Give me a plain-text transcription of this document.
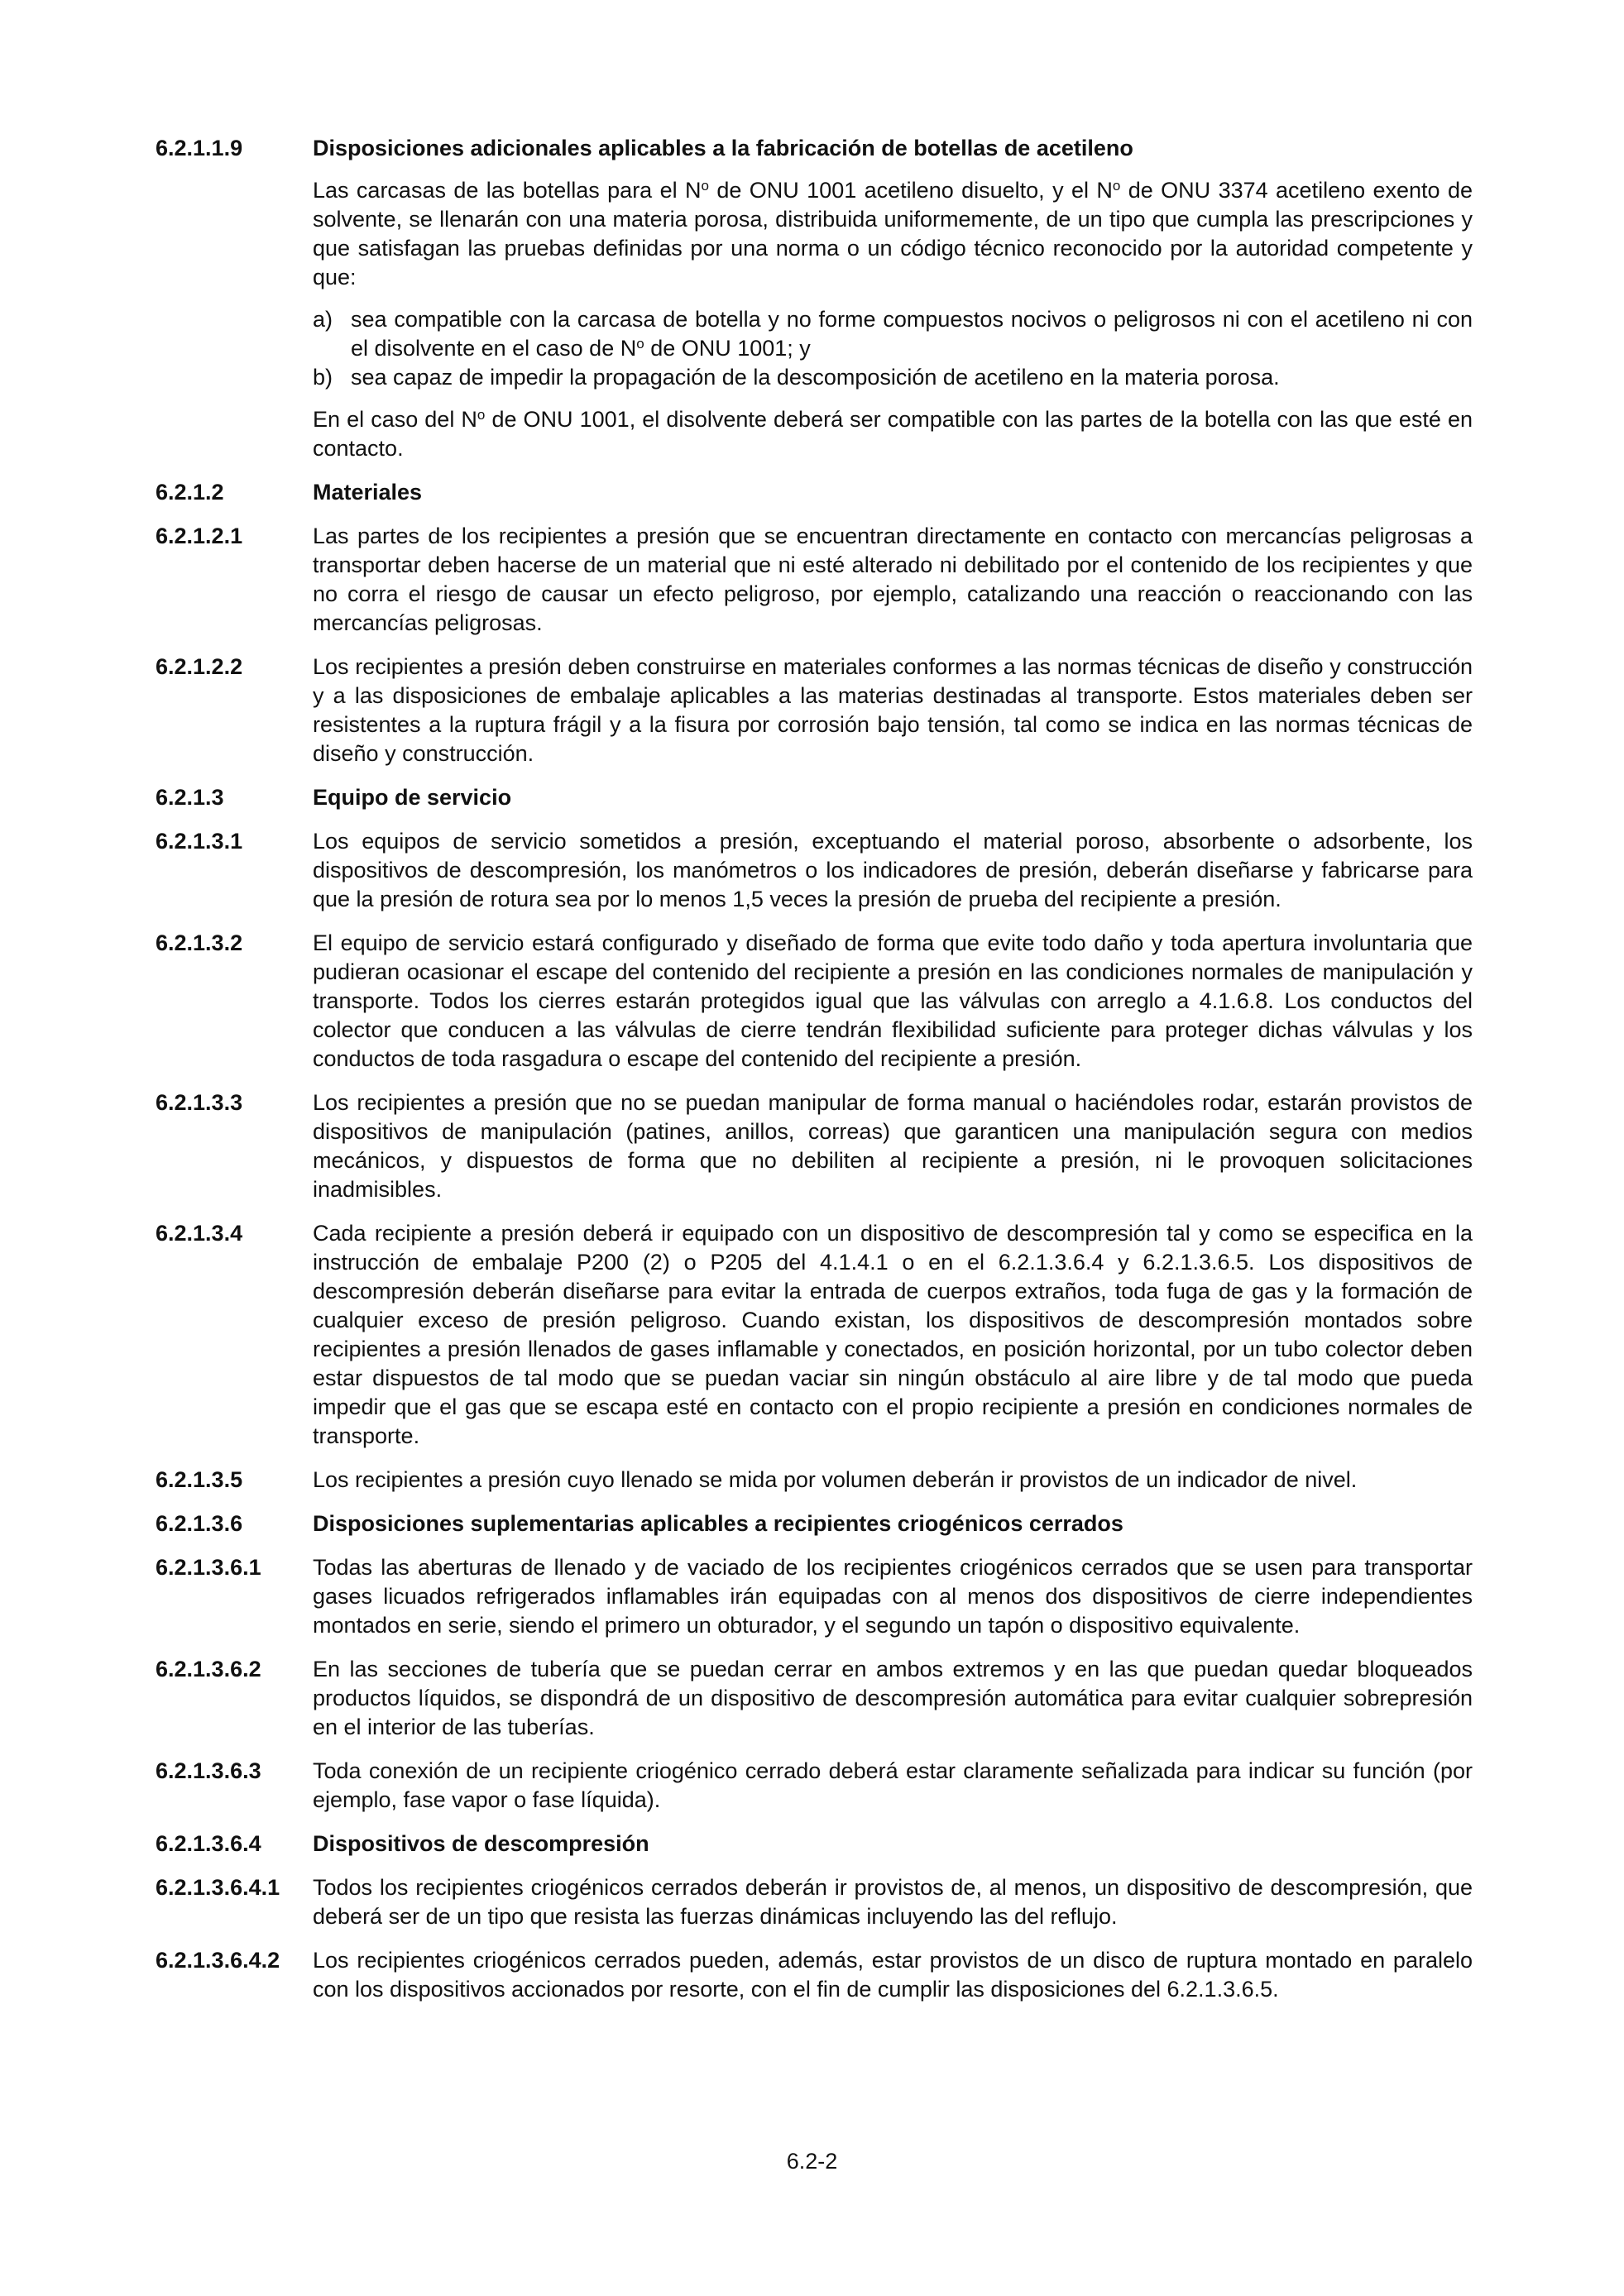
6.2.1.1.9	Disposiciones adicionales aplicables a la fabricación de botellas de acetileno
Las carcasas de las botellas para el $N^o$ de ONU 1001 acetileno disuelto, y el $N^o$ de ONU 3374 acetileno exento de solvente, se llenarán con una materia porosa, distribuida uniformemente, de un tipo que cumpla las prescripciones y que satisfagan las pruebas definidas por una norma o un código técnico reconocido por la autoridad competente y que:
a) sea compatible con la carcasa de botella y no forme compuestos nocivos o peligrosos ni con el acetileno ni con el disolvente en el caso de $N^o$ de ONU 1001; y
b) sea capaz de impedir la propagación de la descomposición de acetileno en la materia porosa.
En el caso del $N^o$ de ONU 1001, el disolvente deberá ser compatible con las partes de la botella con las que esté en contacto.
6.2.1.2	Materiales
6.2.1.2.1	Las partes de los recipientes a presión que se encuentran directamente en contacto con mercancías peligrosas a transportar deben hacerse de un material que ni esté alterado ni debilitado por el contenido de los recipientes y que no corra el riesgo de causar un efecto peligroso, por ejemplo, catalizando una reacción o reaccionando con las mercancías peligrosas.
6.2.1.2.2	Los recipientes a presión deben construirse en materiales conformes a las normas técnicas de diseño y construcción y a las disposiciones de embalaje aplicables a las materias destinadas al transporte. Estos materiales deben ser resistentes a la ruptura frágil y a la fisura por corrosión bajo tensión, tal como se indica en las normas técnicas de diseño y construcción.
6.2.1.3	Equipo de servicio
6.2.1.3.1	Los equipos de servicio sometidos a presión, exceptuando el material poroso, absorbente o adsorbente, los dispositivos de descompresión, los manómetros o los indicadores de presión, deberán diseñarse y fabricarse para que la presión de rotura sea por lo menos 1,5 veces la presión de prueba del recipiente a presión.
6.2.1.3.2	El equipo de servicio estará configurado y diseñado de forma que evite todo daño y toda apertura involuntaria que pudieran ocasionar el escape del contenido del recipiente a presión en las condiciones normales de manipulación y transporte. Todos los cierres estarán protegidos igual que las válvulas con arreglo a 4.1.6.8. Los conductos del colector que conducen a las válvulas de cierre tendrán flexibilidad suficiente para proteger dichas válvulas y los conductos de toda rasgadura o escape del contenido del recipiente a presión.
6.2.1.3.3	Los recipientes a presión que no se puedan manipular de forma manual o haciéndoles rodar, estarán provistos de dispositivos de manipulación (patines, anillos, correas) que garanticen una manipulación segura con medios mecánicos, y dispuestos de forma que no debiliten al recipiente a presión, ni le provoquen solicitaciones inadmisibles.
6.2.1.3.4	Cada recipiente a presión deberá ir equipado con un dispositivo de descompresión tal y como se especifica en la instrucción de embalaje P200 (2) o P205 del 4.1.4.1 o en el 6.2.1.3.6.4 y 6.2.1.3.6.5. Los dispositivos de descompresión deberán diseñarse para evitar la entrada de cuerpos extraños, toda fuga de gas y la formación de cualquier exceso de presión peligroso. Cuando existan, los dispositivos de descompresión montados sobre recipientes a presión llenados de gases inflamable y conectados, en posición horizontal, por un tubo colector deben estar dispuestos de tal modo que se puedan vaciar sin ningún obstáculo al aire libre y de tal modo que pueda impedir que el gas que se escapa esté en contacto con el propio recipiente a presión en condiciones normales de transporte.
6.2.1.3.5	Los recipientes a presión cuyo llenado se mida por volumen deberán ir provistos de un indicador de nivel.
6.2.1.3.6	Disposiciones suplementarias aplicables a recipientes criogénicos cerrados
6.2.1.3.6.1	Todas las aberturas de llenado y de vaciado de los recipientes criogénicos cerrados que se usen para transportar gases licuados refrigerados inflamables irán equipadas con al menos dos dispositivos de cierre independientes montados en serie, siendo el primero un obturador, y el segundo un tapón o dispositivo equivalente.
6.2.1.3.6.2	En las secciones de tubería que se puedan cerrar en ambos extremos y en las que puedan quedar bloqueados productos líquidos, se dispondrá de un dispositivo de descompresión automática para evitar cualquier sobrepresión en el interior de las tuberías.
6.2.1.3.6.3	Toda conexión de un recipiente criogénico cerrado deberá estar claramente señalizada para indicar su función (por ejemplo, fase vapor o fase líquida).
6.2.1.3.6.4	Dispositivos de descompresión
6.2.1.3.6.4.1	Todos los recipientes criogénicos cerrados deberán ir provistos de, al menos, un dispositivo de descompresión, que deberá ser de un tipo que resista las fuerzas dinámicas incluyendo las del reflujo.
6.2.1.3.6.4.2	Los recipientes criogénicos cerrados pueden, además, estar provistos de un disco de ruptura montado en paralelo con los dispositivos accionados por resorte, con el fin de cumplir las disposiciones del 6.2.1.3.6.5.
6.2-2
